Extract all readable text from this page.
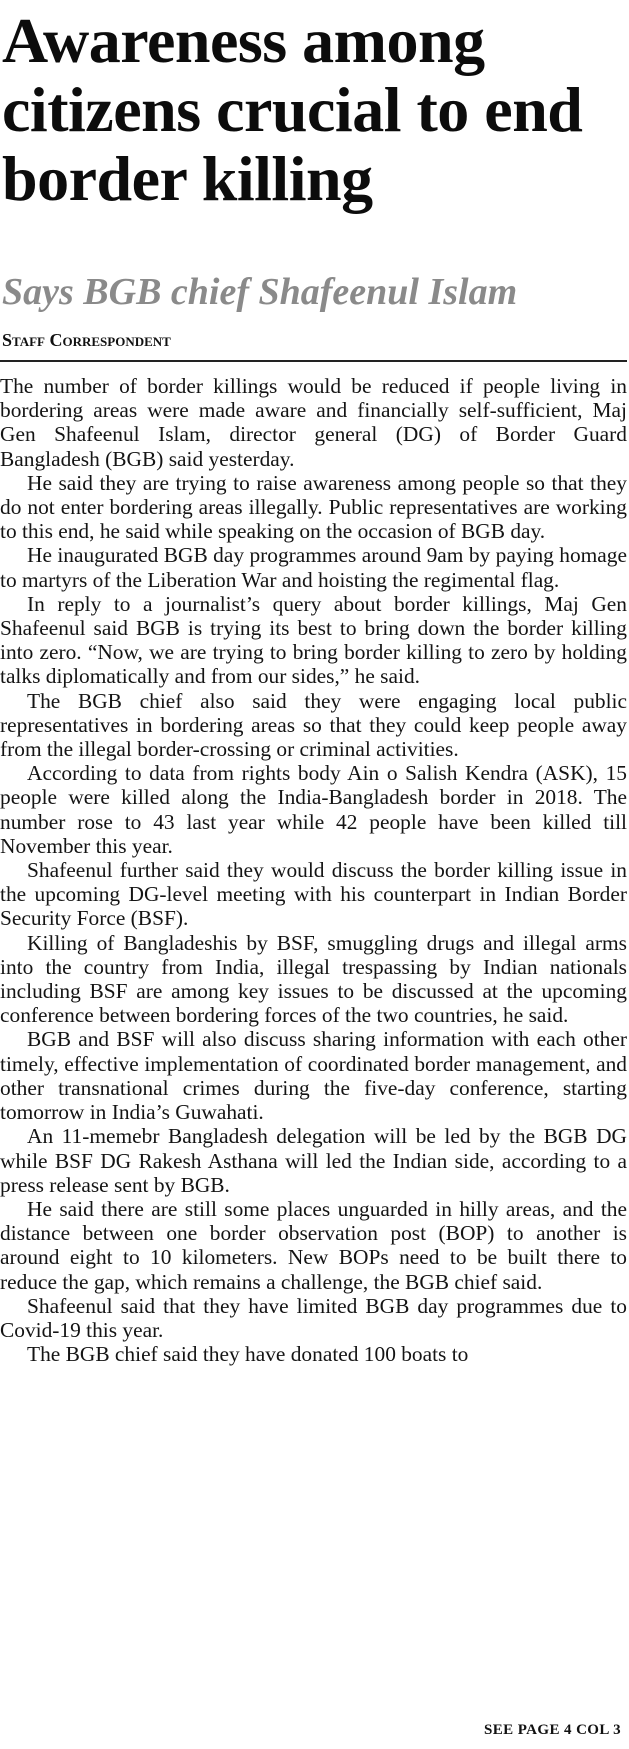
Awareness among citizens crucial to end border killing
Says BGB chief Shafeenul Islam
Staff Correspondent

The number of border killings would be reduced if people living in bordering areas were made aware and financially self-sufficient, Maj Gen Shafeenul Islam, director general (DG) of Border Guard Bangladesh (BGB) said yesterday.

He said they are trying to raise awareness among people so that they do not enter bordering areas illegally. Public representatives are working to this end, he said while speaking on the occasion of BGB day.

He inaugurated BGB day programmes around 9am by paying homage to martyrs of the Liberation War and hoisting the regimental flag.

In reply to a journalist’s query about border killings, Maj Gen Shafeenul said BGB is trying its best to bring down the border killing into zero. “Now, we are trying to bring border killing to zero by holding talks diplomatically and from our sides,” he said.

The BGB chief also said they were engaging local public representatives in bordering areas so that they could keep people away from the illegal border-crossing or criminal activities.

According to data from rights body Ain o Salish Kendra (ASK), 15 people were killed along the India-Bangladesh border in 2018. The number rose to 43 last year while 42 people have been killed till November this year.

Shafeenul further said they would discuss the border killing issue in the upcoming DG-level meeting with his counterpart in Indian Border Security Force (BSF).

Killing of Bangladeshis by BSF, smuggling drugs and illegal arms into the country from India, illegal trespassing by Indian nationals including BSF are among key issues to be discussed at the upcoming conference between bordering forces of the two countries, he said.

BGB and BSF will also discuss sharing information with each other timely, effective implementation of coordinated border management, and other transnational crimes during the five-day conference, starting tomorrow in India’s Guwahati.

An 11-memebr Bangladesh delegation will be led by the BGB DG while BSF DG Rakesh Asthana will led the Indian side, according to a press release sent by BGB.

He said there are still some places unguarded in hilly areas, and the distance between one border observation post (BOP) to another is around eight to 10 kilometers. New BOPs need to be built there to reduce the gap, which remains a challenge, the BGB chief said.

Shafeenul said that they have limited BGB day programmes due to Covid-19 this year.

The BGB chief said they have donated 100 boats to

SEE PAGE 4 COL 3
